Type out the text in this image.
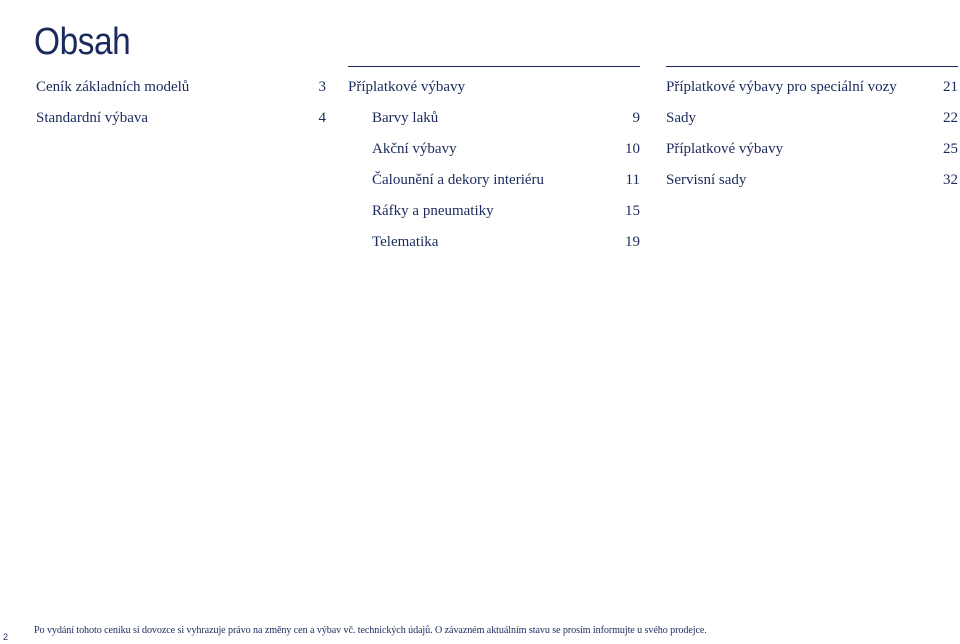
Obsah
Ceník základních modelů	3
Standardní výbava	4
Příplatkové výbavy
Barvy laků	9
Akční výbavy	10
Čalounění a dekory interiéru	11
Ráfky a pneumatiky	15
Telematika	19
Příplatkové výbavy pro speciální vozy	21
Sady	22
Příplatkové výbavy	25
Servisní sady	32
Po vydání tohoto ceníku si dovozce si vyhrazuje právo na změny cen a výbav vč. technických údajů. O závazném aktuálním stavu se prosím informujte u svého prodejce.
2
